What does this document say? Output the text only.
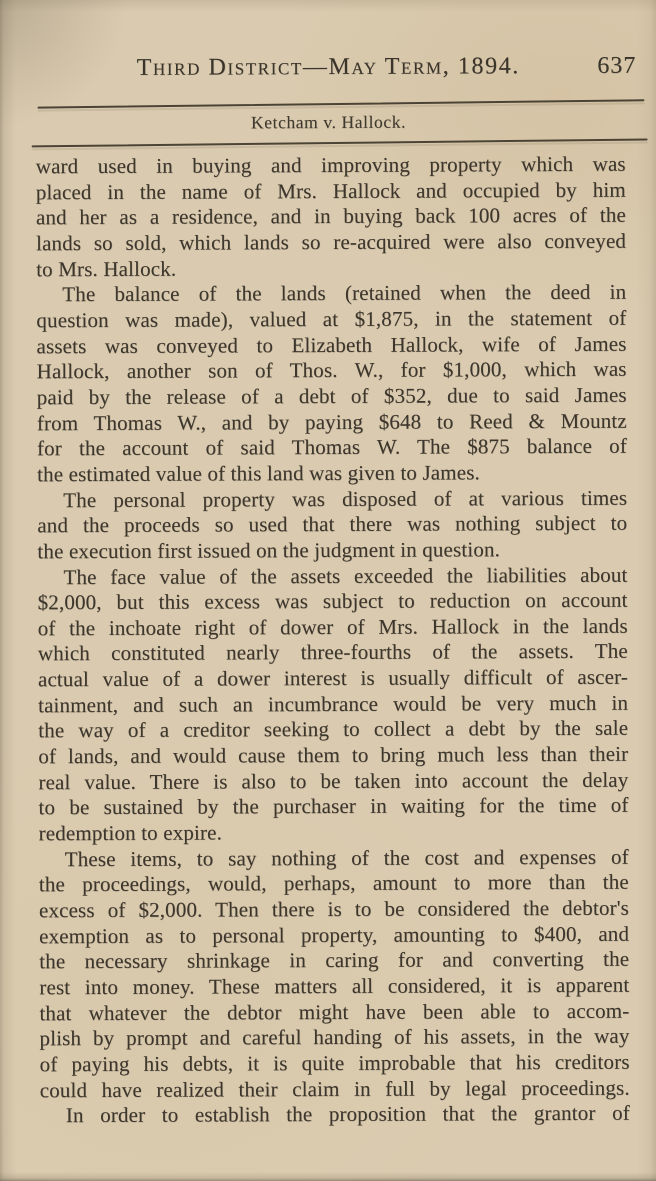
Third District—May Term, 1894.	637
Ketcham v. Hallock.
ward used in buying and improving property which was
placed in the name of Mrs. Hallock and occupied by him
and her as a residence, and in buying back 100 acres of the
lands so sold, which lands so re-acquired were also conveyed
to Mrs. Hallock.
The balance of the lands (retained when the deed in
question was made), valued at $1,875, in the statement of
assets was conveyed to Elizabeth Hallock, wife of James
Hallock, another son of Thos. W., for $1,000, which was
paid by the release of a debt of $352, due to said James
from Thomas W., and by paying $648 to Reed & Mountz
for the account of said Thomas W. The $875 balance of
the estimated value of this land was given to James.
The personal property was disposed of at various times
and the proceeds so used that there was nothing subject to
the execution first issued on the judgment in question.
The face value of the assets exceeded the liabilities about
$2,000, but this excess was subject to reduction on account
of the inchoate right of dower of Mrs. Hallock in the lands
which constituted nearly three-fourths of the assets. The
actual value of a dower interest is usually difficult of ascer-
tainment, and such an incumbrance would be very much in
the way of a creditor seeking to collect a debt by the sale
of lands, and would cause them to bring much less than their
real value. There is also to be taken into account the delay
to be sustained by the purchaser in waiting for the time of
redemption to expire.
These items, to say nothing of the cost and expenses of
the proceedings, would, perhaps, amount to more than the
excess of $2,000. Then there is to be considered the debtor's
exemption as to personal property, amounting to $400, and
the necessary shrinkage in caring for and converting the
rest into money. These matters all considered, it is apparent
that whatever the debtor might have been able to accom-
plish by prompt and careful handing of his assets, in the way
of paying his debts, it is quite improbable that his creditors
could have realized their claim in full by legal proceedings.
In order to establish the proposition that the grantor of
